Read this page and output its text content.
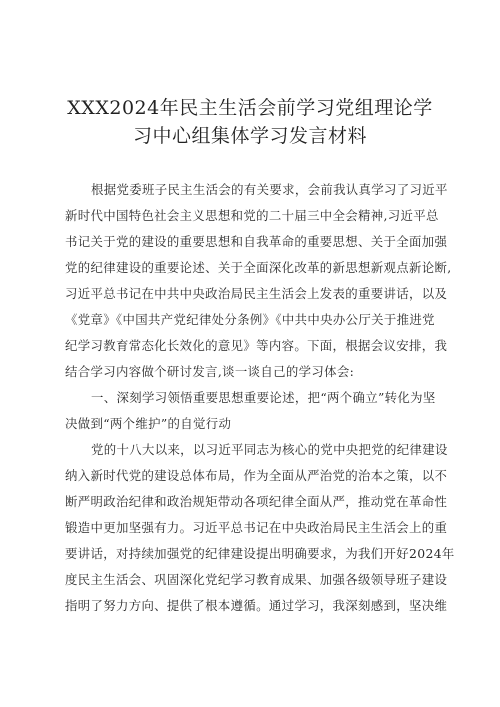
XXX2024年民主生活会前学习党组理论学
习中心组集体学习发言材料
根据党委班子民主生活会的有关要求，会前我认真学习了习近平
新时代中国特色社会主义思想和党的二十届三中全会精神,习近平总
书记关于党的建设的重要思想和自我革命的重要思想、关于全面加强
党的纪律建设的重要论述、关于全面深化改革的新思想新观点新论断,
习近平总书记在中共中央政治局民主生活会上发表的重要讲话，以及
《党章》《中国共产党纪律处分条例》《中共中央办公厅关于推进党
纪学习教育常态化长效化的意见》等内容。下面，根据会议安排，我
结合学习内容做个研讨发言,谈一谈自己的学习体会:
一、深刻学习领悟重要思想重要论述，把“两个确立”转化为坚
决做到“两个维护”的自觉行动
党的十八大以来，以习近平同志为核心的党中央把党的纪律建设
纳入新时代党的建设总体布局，作为全面从严治党的治本之策，以不
断严明政治纪律和政治规矩带动各项纪律全面从严，推动党在革命性
锻造中更加坚强有力。习近平总书记在中央政治局民主生活会上的重
要讲话，对持续加强党的纪律建设提出明确要求，为我们开好2024年
度民主生活会、巩固深化党纪学习教育成果、加强各级领导班子建设
指明了努力方向、提供了根本遵循。通过学习，我深刻感到，坚决维
